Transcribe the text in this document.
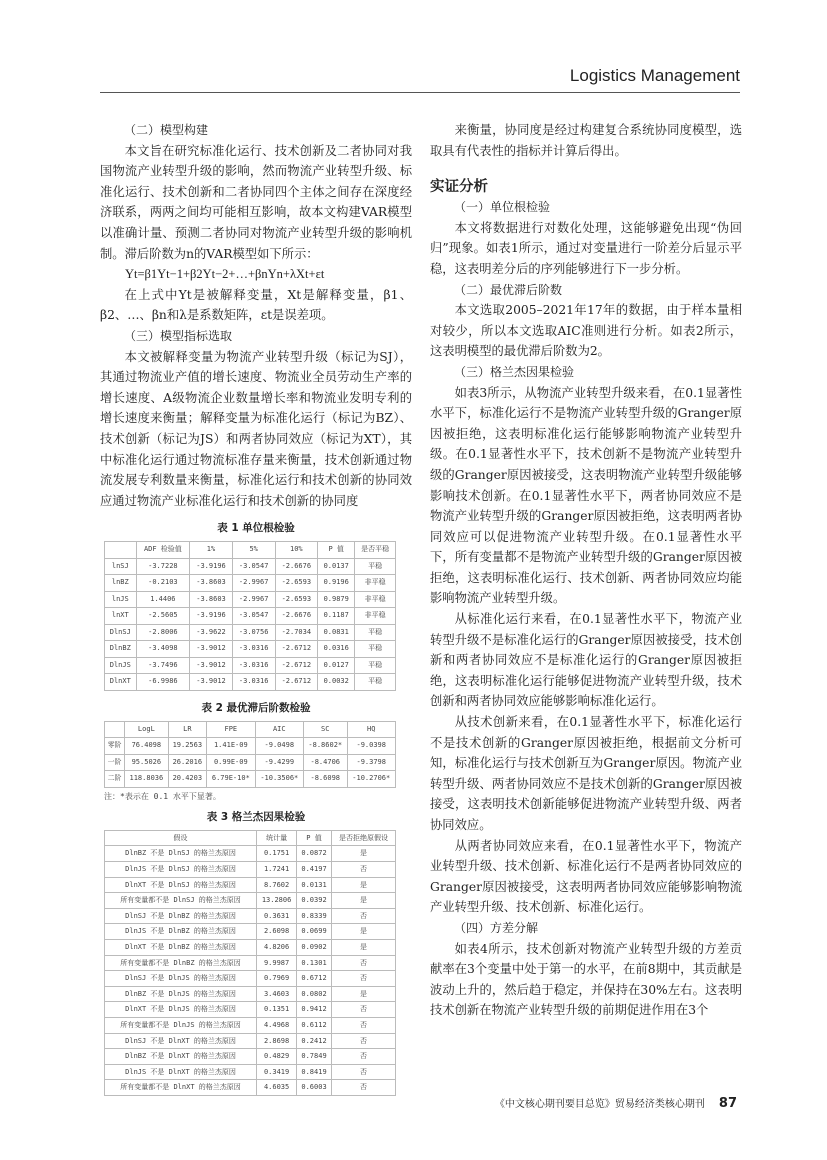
Logistics Management
（二）模型构建

本文旨在研究标准化运行、技术创新及二者协同对我国物流产业转型升级的影响，然而物流产业转型升级、标准化运行、技术创新和二者协同四个主体之间存在深度经济联系，两两之间均可能相互影响，故本文构建VAR模型以准确计量、预测二者协同对物流产业转型升级的影响机制。滞后阶数为n的VAR模型如下所示：

Yt=β1Yt−1+β2Yt−2+…+βnYn+λXt+εt

在上式中Yt是被解释变量，Xt是解释变量，β1、β2、…、βn和λ是系数矩阵，εt是误差项。

（三）模型指标选取

本文被解释变量为物流产业转型升级（标记为SJ），其通过物流业产值的增长速度、物流业全员劳动生产率的增长速度、A级物流企业数量增长率和物流业发明专利的增长速度来衡量；解释变量为标准化运行（标记为BZ）、技术创新（标记为JS）和两者协同效应（标记为XT），其中标准化运行通过物流标准存量来衡量，技术创新通过物流发展专利数量来衡量，标准化运行和技术创新的协同效应通过物流产业标准化运行和技术创新的协同度

表 1 单位根检验
	ADF 检验值	1%	5%	10%	P 值	是否平稳
lnSJ	-3.7228	-3.9196	-3.0547	-2.6676	0.0137	平稳
lnBZ	-0.2103	-3.8603	-2.9967	-2.6593	0.9196	非平稳
lnJS	1.4406	-3.8603	-2.9967	-2.6593	0.9879	非平稳
lnXT	-2.5605	-3.9196	-3.0547	-2.6676	0.1187	非平稳
DlnSJ	-2.8006	-3.9622	-3.0756	-2.7034	0.0831	平稳
DlnBZ	-3.4098	-3.9012	-3.0316	-2.6712	0.0316	平稳
DlnJS	-3.7496	-3.9012	-3.0316	-2.6712	0.0127	平稳
DlnXT	-6.9986	-3.9012	-3.0316	-2.6712	0.0032	平稳
表 2 最优滞后阶数检验
	LogL	LR	FPE	AIC	SC	HQ
零阶	76.4098	19.2563	1.41E-09	-9.0498	-8.8602*	-9.0398
一阶	95.5026	26.2016	0.99E-09	-9.4299	-8.4706	-9.3798
二阶	118.8036	20.4203	6.79E-10*	-10.3506*	-8.6098	-10.2706*
注：*表示在 0.1 水平下显著。
表 3 格兰杰因果检验
假设	统计量	P 值	是否拒绝原假设
DlnBZ 不是 DlnSJ 的格兰杰原因	0.1751	0.0872	是
DlnJS 不是 DlnSJ 的格兰杰原因	1.7241	0.4197	否
DlnXT 不是 DlnSJ 的格兰杰原因	8.7602	0.0131	是
所有变量都不是 DlnSJ 的格兰杰原因	13.2806	0.0392	是
DlnSJ 不是 DlnBZ 的格兰杰原因	0.3631	0.8339	否
DlnJS 不是 DlnBZ 的格兰杰原因	2.6098	0.0699	是
DlnXT 不是 DlnBZ 的格兰杰原因	4.8206	0.0902	是
所有变量都不是 DlnBZ 的格兰杰原因	9.9987	0.1301	否
DlnSJ 不是 DlnJS 的格兰杰原因	0.7969	0.6712	否
DlnBZ 不是 DlnJS 的格兰杰原因	3.4603	0.0802	是
DlnXT 不是 DlnJS 的格兰杰原因	0.1351	0.9412	否
所有变量都不是 DlnJS 的格兰杰原因	4.4968	0.6112	否
DlnSJ 不是 DlnXT 的格兰杰原因	2.8698	0.2412	否
DlnBZ 不是 DlnXT 的格兰杰原因	0.4829	0.7849	否
DlnJS 不是 DlnXT 的格兰杰原因	0.3419	0.8419	否
所有变量都不是 DlnXT 的格兰杰原因	4.6035	0.6003	否

来衡量，协同度是经过构建复合系统协同度模型，选取具有代表性的指标并计算后得出。

实证分析
（一）单位根检验

本文将数据进行对数化处理，这能够避免出现“伪回归”现象。如表1所示，通过对变量进行一阶差分后显示平稳，这表明差分后的序列能够进行下一步分析。

（二）最优滞后阶数

本文选取2005–2021年17年的数据，由于样本量相对较少，所以本文选取AIC准则进行分析。如表2所示，这表明模型的最优滞后阶数为2。

（三）格兰杰因果检验

如表3所示，从物流产业转型升级来看，在0.1显著性水平下，标准化运行不是物流产业转型升级的Granger原因被拒绝，这表明标准化运行能够影响物流产业转型升级。在0.1显著性水平下，技术创新不是物流产业转型升级的Granger原因被接受，这表明物流产业转型升级能够影响技术创新。在0.1显著性水平下，两者协同效应不是物流产业转型升级的Granger原因被拒绝，这表明两者协同效应可以促进物流产业转型升级。在0.1显著性水平下，所有变量都不是物流产业转型升级的Granger原因被拒绝，这表明标准化运行、技术创新、两者协同效应均能影响物流产业转型升级。

从标准化运行来看，在0.1显著性水平下，物流产业转型升级不是标准化运行的Granger原因被接受，技术创新和两者协同效应不是标准化运行的Granger原因被拒绝，这表明标准化运行能够促进物流产业转型升级，技术创新和两者协同效应能够影响标准化运行。

从技术创新来看，在0.1显著性水平下，标准化运行不是技术创新的Granger原因被拒绝，根据前文分析可知，标准化运行与技术创新互为Granger原因。物流产业转型升级、两者协同效应不是技术创新的Granger原因被接受，这表明技术创新能够促进物流产业转型升级、两者协同效应。

从两者协同效应来看，在0.1显著性水平下，物流产业转型升级、技术创新、标准化运行不是两者协同效应的Granger原因被接受，这表明两者协同效应能够影响物流产业转型升级、技术创新、标准化运行。

（四）方差分解

如表4所示，技术创新对物流产业转型升级的方差贡献率在3个变量中处于第一的水平，在前8期中，其贡献是波动上升的，然后趋于稳定，并保持在30%左右。这表明技术创新在物流产业转型升级的前期促进作用在3个

《中文核心期刊要目总览》贸易经济类核心期刊 87
